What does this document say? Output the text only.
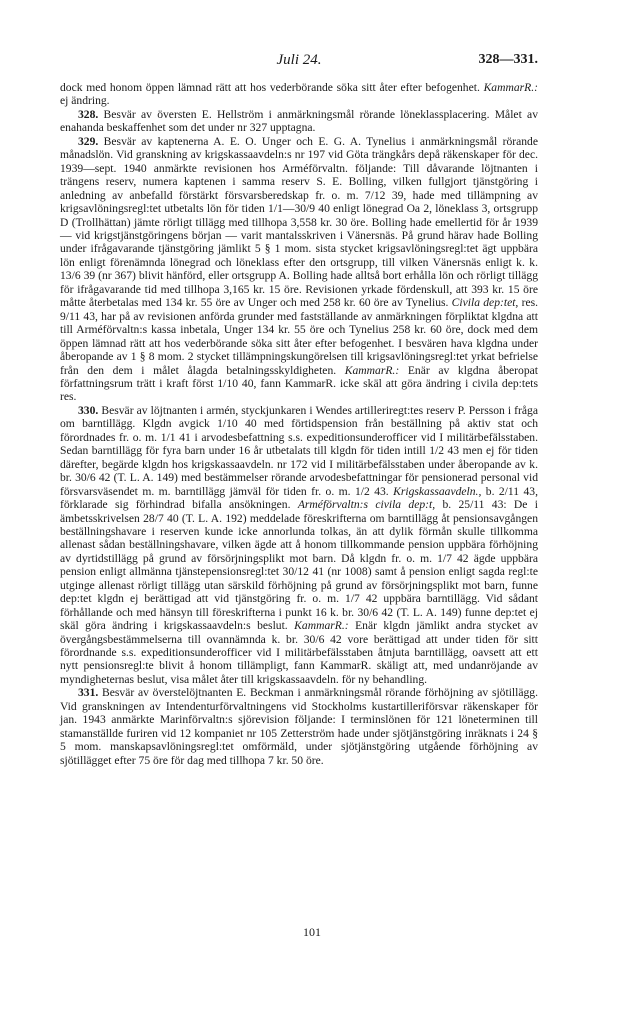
Juli 24.	328—331.

dock med honom öppen lämnad rätt att hos vederbörande söka sitt åter efter befogenhet. KammarR.: ej ändring.

328. Besvär av översten E. Hellström i anmärkningsmål rörande löneklassplacering. Målet av enahanda beskaffenhet som det under nr 327 upptagna.

329. Besvär av kaptenerna A. E. O. Unger och E. G. A. Tynelius i anmärkningsmål rörande månadslön. Vid granskning av krigskassaavdeln:s nr 197 vid Göta trängkårs depå räkenskaper för dec. 1939—sept. 1940 anmärkte revisionen hos Arméförvaltn. följande: Till dåvarande löjtnanten i trängens reserv, numera kaptenen i samma reserv S. E. Bolling, vilken fullgjort tjänstgöring i anledning av anbefalld förstärkt försvarsberedskap fr. o. m. 7/12 39, hade med tillämpning av krigsavlöningsregl:tet utbetalts lön för tiden 1/1—30/9 40 enligt lönegrad Oa 2, löneklass 3, ortsgrupp D (Trollhättan) jämte rörligt tillägg med tillhopa 3,558 kr. 30 öre. Bolling hade emellertid för år 1939 — vid krigstjänstgöringens början — varit mantalsskriven i Vänersnäs. På grund härav hade Bolling under ifrågavarande tjänstgöring jämlikt 5 § 1 mom. sista stycket krigsavlöningsregl:tet ägt uppbära lön enligt förenämnda lönegrad och löneklass efter den ortsgrupp, till vilken Vänersnäs enligt k. k. 13/6 39 (nr 367) blivit hänförd, eller ortsgrupp A. Bolling hade alltså bort erhålla lön och rörligt tillägg för ifrågavarande tid med tillhopa 3,165 kr. 15 öre. Revisionen yrkade fördenskull, att 393 kr. 15 öre måtte återbetalas med 134 kr. 55 öre av Unger och med 258 kr. 60 öre av Tynelius. Civila dep:tet, res. 9/11 43, har på av revisionen anförda grunder med fastställande av anmärkningen förpliktat klgdna att till Arméförvaltn:s kassa inbetala, Unger 134 kr. 55 öre och Tynelius 258 kr. 60 öre, dock med dem öppen lämnad rätt att hos vederbörande söka sitt åter efter befogenhet. I besvären hava klgdna under åberopande av 1 § 8 mom. 2 stycket tillämpningskungörelsen till krigsavlöningsregl:tet yrkat befrielse från den dem i målet ålagda betalningsskyldigheten. KammarR.: Enär av klgdna åberopat författningsrum trätt i kraft först 1/10 40, fann KammarR. icke skäl att göra ändring i civila dep:tets res.

330. Besvär av löjtnanten i armén, styckjunkaren i Wendes artilleriregt:tes reserv P. Persson i fråga om barntillägg. Klgdn avgick 1/10 40 med förtidspension från beställning på aktiv stat och förordnades fr. o. m. 1/1 41 i arvodesbefattning s.s. expeditionsunderofficer vid I militärbefälsstaben. Sedan barntillägg för fyra barn under 16 år utbetalats till klgdn för tiden intill 1/2 43 men ej för tiden därefter, begärde klgdn hos krigskassaavdeln. nr 172 vid I militärbefälsstaben under åberopande av k. br. 30/6 42 (T. L. A. 149) med bestämmelser rörande arvodesbefattningar för pensionerad personal vid försvarsväsendet m. m. barntillägg jämväl för tiden fr. o. m. 1/2 43. Krigskassaavdeln., b. 2/11 43, förklarade sig förhindrad bifalla ansökningen. Arméförvaltn:s civila dep:t, b. 25/11 43: De i ämbetsskrivelsen 28/7 40 (T. L. A. 192) meddelade föreskrifterna om barntillägg åt pensionsavgången beställningshavare i reserven kunde icke annorlunda tolkas, än att dylik förmån skulle tillkomma allenast sådan beställningshavare, vilken ägde att å honom tillkommande pension uppbära förhöjning av dyrtidstillägg på grund av försörjningsplikt mot barn. Då klgdn fr. o. m. 1/7 42 ägde uppbära pension enligt allmänna tjänstepensionsregl:tet 30/12 41 (nr 1008) samt å pension enligt sagda regl:te utginge allenast rörligt tillägg utan särskild förhöjning på grund av försörjningsplikt mot barn, funne dep:tet klgdn ej berättigad att vid tjänstgöring fr. o. m. 1/7 42 uppbära barntillägg. Vid sådant förhållande och med hänsyn till föreskrifterna i punkt 16 k. br. 30/6 42 (T. L. A. 149) funne dep:tet ej skäl göra ändring i krigskassaavdeln:s beslut. KammarR.: Enär klgdn jämlikt andra stycket av övergångsbestämmelserna till ovannämnda k. br. 30/6 42 vore berättigad att under tiden för sitt förordnande s.s. expeditionsunderofficer vid I militärbefälsstaben åtnjuta barntillägg, oavsett att ett nytt pensionsregl:te blivit å honom tillämpligt, fann KammarR. skäligt att, med undanröjande av myndigheternas beslut, visa målet åter till krigskassaavdeln. för ny behandling.

331. Besvär av överstelöjtnanten E. Beckman i anmärkningsmål rörande förhöjning av sjötillägg. Vid granskningen av Intendenturförvaltningens vid Stockholms kustartilleriförsvar räkenskaper för jan. 1943 anmärkte Marinförvaltn:s sjörevision följande: I terminslönen för 121 löneterminen till stamanställde furiren vid 12 kompaniet nr 105 Zetterström hade under sjötjänstgöring inräknats i 24 § 5 mom. manskapsavlöningsregl:tet omförmäld, under sjötjänstgöring utgående förhöjning av sjötillägget efter 75 öre för dag med tillhopa 7 kr. 50 öre.

101
